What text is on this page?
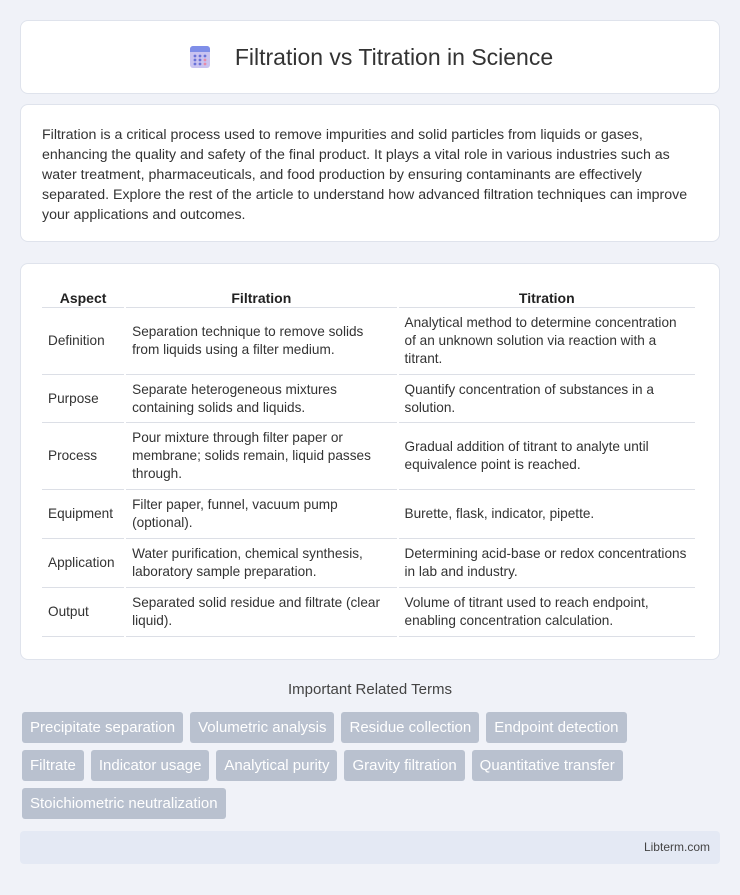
Filtration vs Titration in Science

Filtration is a critical process used to remove impurities and solid particles from liquids or gases, enhancing the quality and safety of the final product. It plays a vital role in various industries such as water treatment, pharmaceuticals, and food production by ensuring contaminants are effectively separated. Explore the rest of the article to understand how advanced filtration techniques can improve your applications and outcomes.

Aspect	Filtration	Titration
Definition	Separation technique to remove solids from liquids using a filter medium.	Analytical method to determine concentration of an unknown solution via reaction with a titrant.
Purpose	Separate heterogeneous mixtures containing solids and liquids.	Quantify concentration of substances in a solution.
Process	Pour mixture through filter paper or membrane; solids remain, liquid passes through.	Gradual addition of titrant to analyte until equivalence point is reached.
Equipment	Filter paper, funnel, vacuum pump (optional).	Burette, flask, indicator, pipette.
Application	Water purification, chemical synthesis, laboratory sample preparation.	Determining acid-base or redox concentrations in lab and industry.
Output	Separated solid residue and filtrate (clear liquid).	Volume of titrant used to reach endpoint, enabling concentration calculation.
Important Related Terms
Precipitate separation	Volumetric analysis	Residue collection	Endpoint detection
Filtrate	Indicator usage	Analytical purity	Gravity filtration	Quantitative transfer
Stoichiometric neutralization
Libterm.com
